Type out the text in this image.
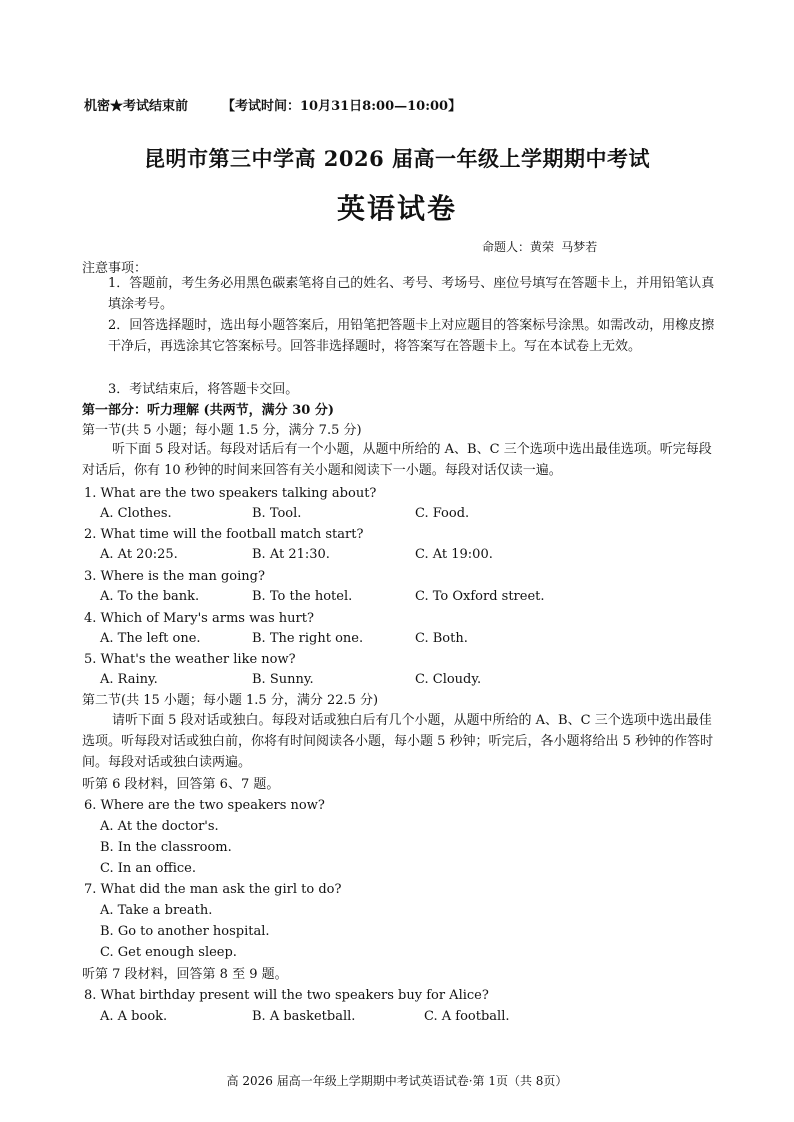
机密★考试结束前	【考试时间：10月31日8:00—10:00】
昆明市第三中学高 2026 届高一年级上学期期中考试
英语试卷
命题人：黄荣 马梦若
注意事项：
1．答题前，考生务必用黑色碳素笔将自己的姓名、考号、考场号、座位号填写在答题卡上，并用铅笔认真填涂考号。
2．回答选择题时，选出每小题答案后，用铅笔把答题卡上对应题目的答案标号涂黑。如需改动，用橡皮擦干净后，再选涂其它答案标号。回答非选择题时，将答案写在答题卡上。写在本试卷上无效。
3．考试结束后，将答题卡交回。
第一部分：听力理解 (共两节，满分 30 分)
第一节(共 5 小题；每小题 1.5 分，满分 7.5 分)
听下面 5 段对话。每段对话后有一个小题，从题中所给的 A、B、C 三个选项中选出最佳选项。听完每段对话后，你有 10 秒钟的时间来回答有关小题和阅读下一小题。每段对话仅读一遍。
1. What are the two speakers talking about?
A. Clothes.	B. Tool.	C. Food.
2. What time will the football match start?
A. At 20:25.	B. At 21:30.	C. At 19:00.
3. Where is the man going?
A. To the bank.	B. To the hotel.	C. To Oxford street.
4. Which of Mary's arms was hurt?
A. The left one.	B. The right one.	C. Both.
5. What's the weather like now?
A. Rainy.	B. Sunny.	C. Cloudy.
第二节(共 15 小题；每小题 1.5 分，满分 22.5 分)
请听下面 5 段对话或独白。每段对话或独白后有几个小题，从题中所给的 A、B、C 三个选项中选出最佳选项。听每段对话或独白前，你将有时间阅读各小题，每小题 5 秒钟；听完后，各小题将给出 5 秒钟的作答时间。每段对话或独白读两遍。
听第 6 段材料，回答第 6、7 题。
6. Where are the two speakers now?
A. At the doctor's.
B. In the classroom.
C. In an office.
7. What did the man ask the girl to do?
A. Take a breath.
B. Go to another hospital.
C. Get enough sleep.
听第 7 段材料，回答第 8 至 9 题。
8. What birthday present will the two speakers buy for Alice?
A. A book.	B. A basketball.	C. A football.
高 2026 届高一年级上学期期中考试英语试卷·第 1页（共 8页）
